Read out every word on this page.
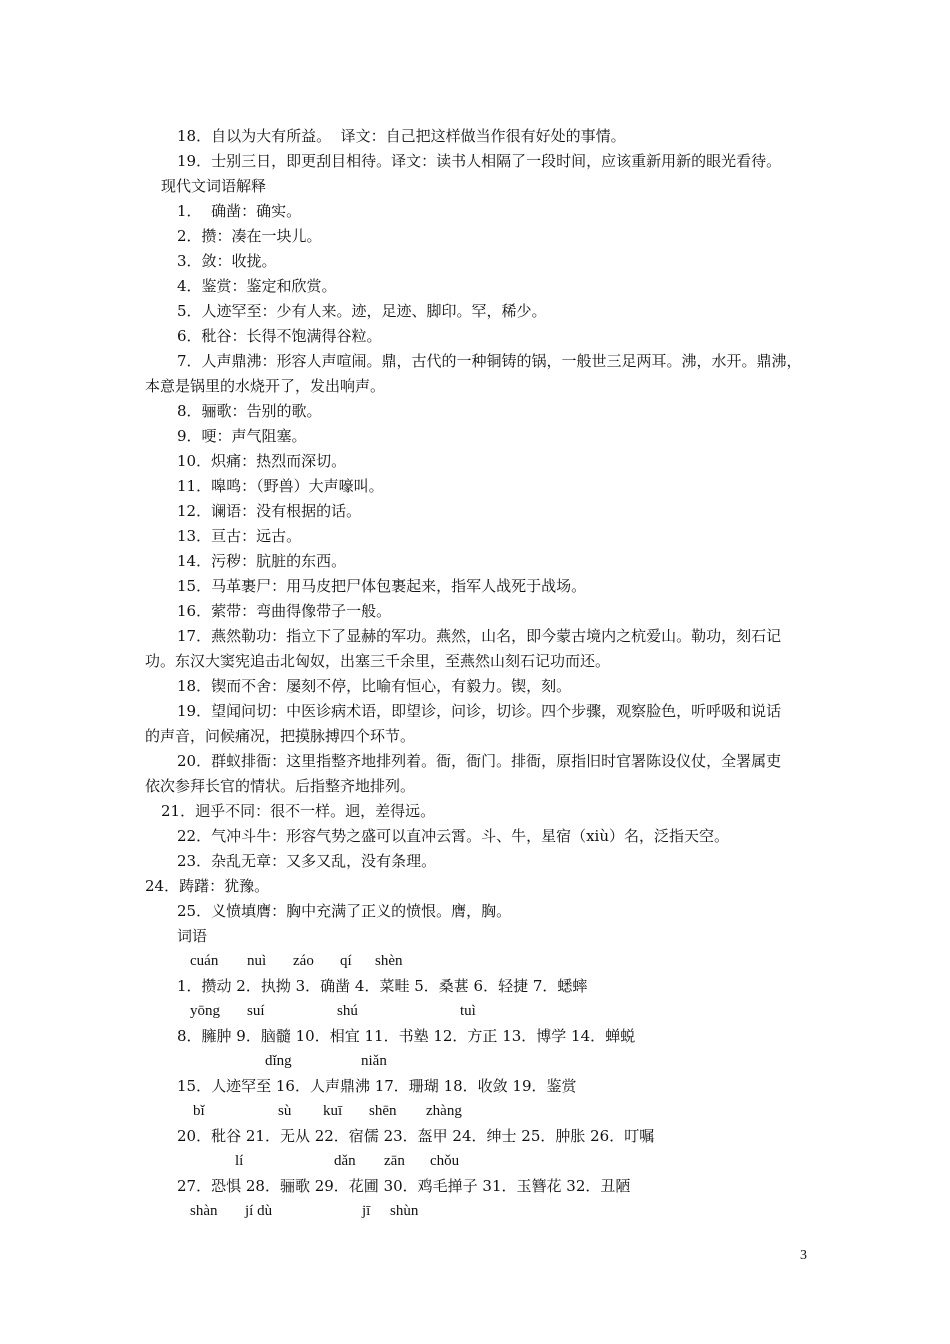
18．自以为大有所益。  译文：自己把这样做当作很有好处的事情。
19．士别三日，即更刮目相待。译文：读书人相隔了一段时间，应该重新用新的眼光看待。
现代文词语解释
1．  确凿：确实。
2．攒：凑在一块儿。
3．敛：收拢。
4．鉴赏：鉴定和欣赏。
5．人迹罕至：少有人来。迹，足迹、脚印。罕，稀少。
6．秕谷：长得不饱满得谷粒。
7．人声鼎沸：形容人声喧闹。鼎，古代的一种铜铸的锅，一般世三足两耳。沸，水开。鼎沸，
本意是锅里的水烧开了，发出响声。
8．骊歌：告别的歌。
9．哽：声气阻塞。
10．炽痛：热烈而深切。
11．嗥鸣：（野兽）大声嚎叫。
12．谰语：没有根据的话。
13．亘古：远古。
14．污秽：肮脏的东西。
15．马革裹尸：用马皮把尸体包裹起来，指军人战死于战场。
16．萦带：弯曲得像带子一般。
17．燕然勒功：指立下了显赫的军功。燕然，山名，即今蒙古境内之杭爱山。勒功，刻石记
功。东汉大窦宪追击北匈奴，出塞三千余里，至燕然山刻石记功而还。
18．锲而不舍：屡刻不停，比喻有恒心，有毅力。锲，刻。
19．望闻问切：中医诊病术语，即望诊，问诊，切诊。四个步骤，观察脸色，听呼吸和说话
的声音，问候痛况，把摸脉搏四个环节。
20．群蚁排衙：这里指整齐地排列着。衙，衙门。排衙，原指旧时官署陈设仪仗，全署属吏
依次参拜长官的情状。后指整齐地排列。
21．迥乎不同：很不一样。迥，差得远。
22．气冲斗牛：形容气势之盛可以直冲云霄。斗、牛，星宿（xiù）名，泛指天空。
23．杂乱无章：又多又乱，没有条理。
24．踌躇：犹豫。
25．义愤填膺：胸中充满了正义的愤恨。膺，胸。
词语
cuán nuì záo qí shèn
1．攒动 2．执拗 3．确凿 4．菜畦 5．桑葚 6．轻捷 7．蟋蟀
yōng suí	shú	tuì
8．臃肿 9．脑髓 10．相宜 11．书塾 12．方正 13．博学 14．蝉蜕
dǐng	niǎn
15．人迹罕至 16．人声鼎沸 17．珊瑚 18．收敛 19．鉴赏
bǐ	sù kuī shēn zhàng
20．秕谷 21．无从 22．宿儒 23．盔甲 24．绅士 25．肿胀 26．叮嘱
lí	dǎn zān chǒu
27．恐惧 28．骊歌 29．花圃 30．鸡毛掸子 31．玉簪花 32．丑陋
shàn jí dù	jī shùn
3
